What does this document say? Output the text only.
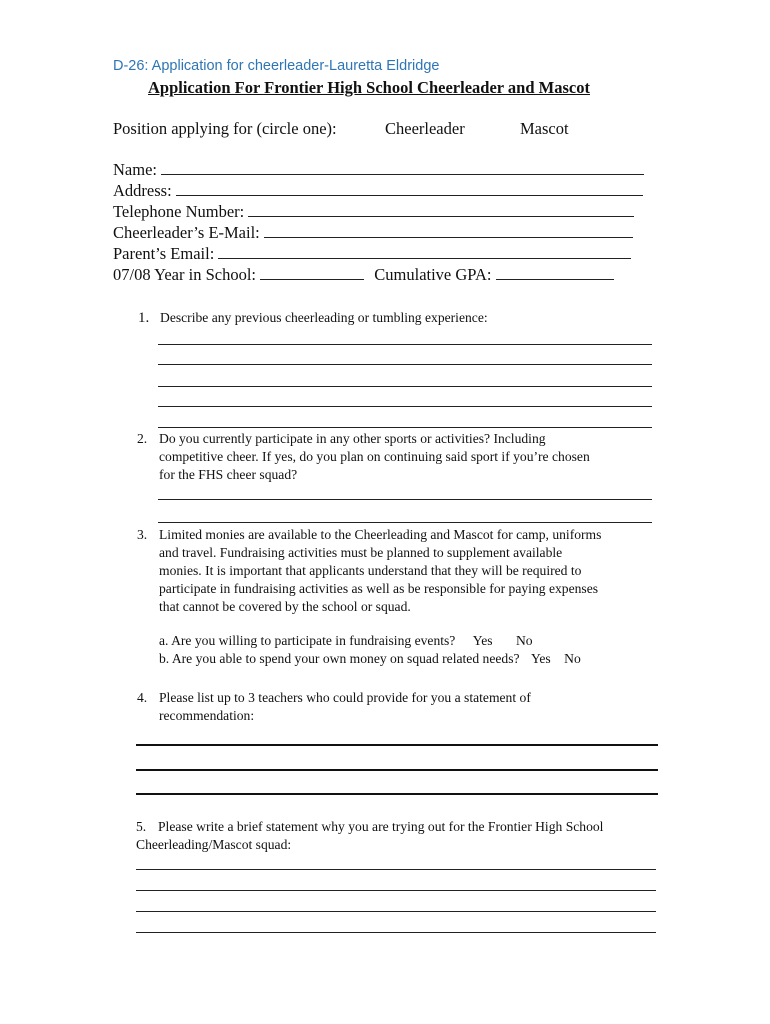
D-26: Application for cheerleader-Lauretta Eldridge
Application For Frontier High School Cheerleader and Mascot
Position applying for (circle one):	Cheerleader	Mascot
Name:
Address:
Telephone Number:
Cheerleader’s E-Mail:
Parent’s Email:
07/08 Year in School:	Cumulative GPA:
1. Describe any previous cheerleading or tumbling experience:
2. Do you currently participate in any other sports or activities? Including
competitive cheer. If yes, do you plan on continuing said sport if you’re chosen
for the FHS cheer squad?
3. Limited monies are available to the Cheerleading and Mascot for camp, uniforms
and travel. Fundraising activities must be planned to supplement available
monies. It is important that applicants understand that they will be required to
participate in fundraising activities as well as be responsible for paying expenses
that cannot be covered by the school or squad.
a. Are you willing to participate in fundraising events? Yes No
b. Are you able to spend your own money on squad related needs? Yes No
4. Please list up to 3 teachers who could provide for you a statement of
recommendation:
5. Please write a brief statement why you are trying out for the Frontier High School
Cheerleading/Mascot squad:
